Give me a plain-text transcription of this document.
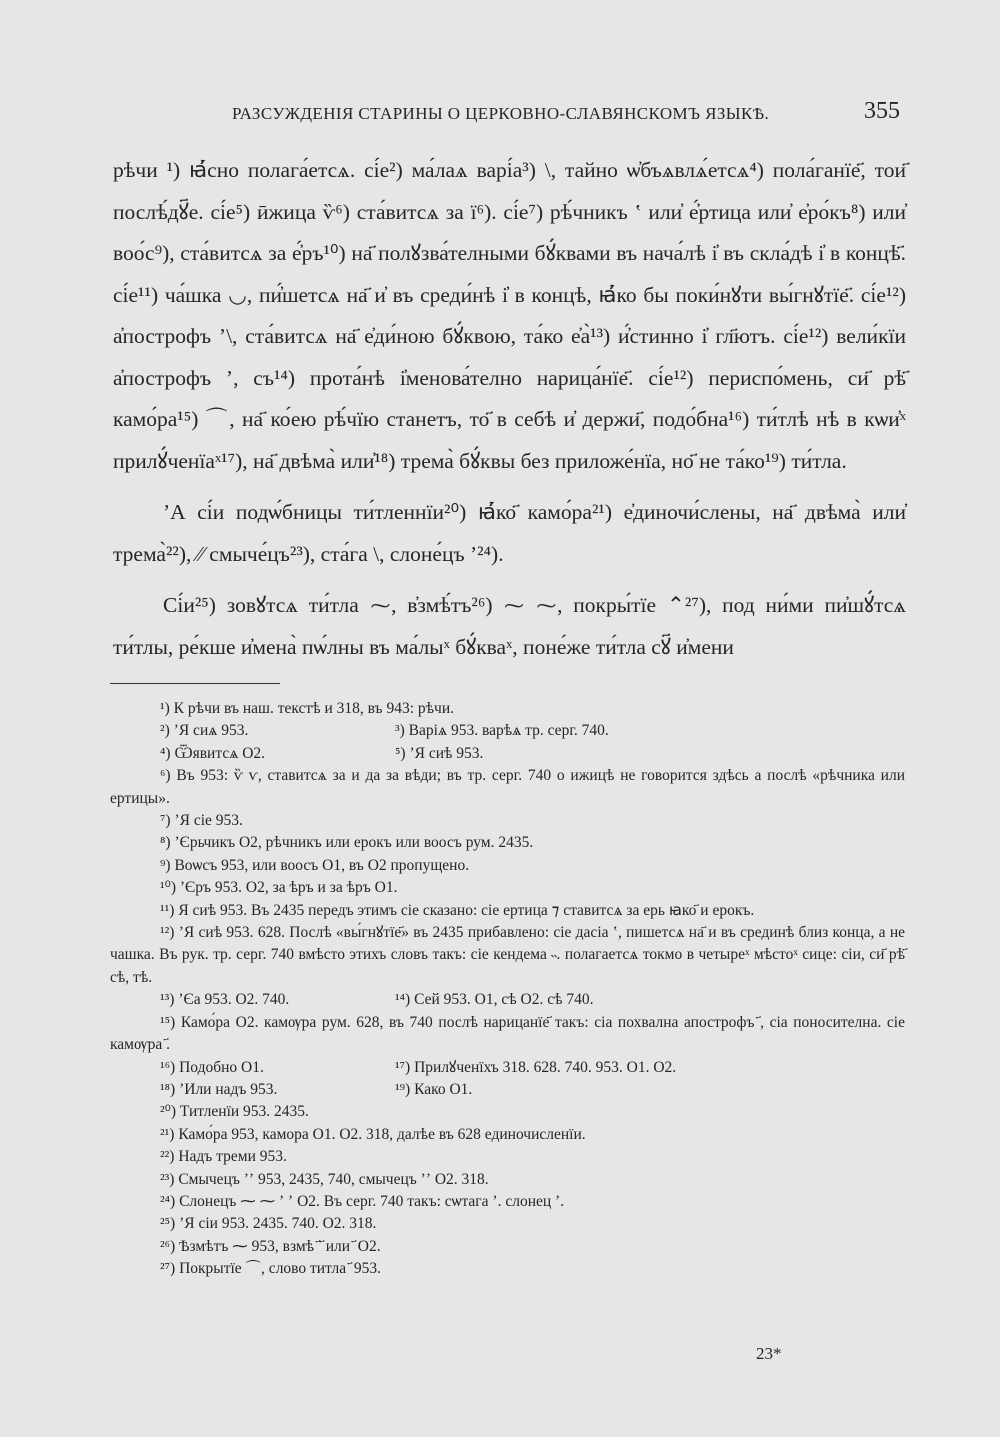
РАЗСУЖДЕНІЯ СТАРИНЫ О ЦЕРКОВНО-СЛАВЯНСКОМЪ ЯЗЫКѢ.	355

рѣчи ¹) ꙗ҆́сно полага́етсѧ. сі́е²) ма́лаѧ варі́а³) \, тайно ѡ҆бъѧвлѧ́етсѧ⁴) пола́ганїе҃, тои҃ послѣ́дꙋ҃е. сі́е⁵) ӣжица ѷ⁶) ста́витсѧ за ї⁶). сі́е⁷) рѣ́чникъ ʽ или҆ е҆́ртица или҆ е҆ро́къ⁸) или҆ воо́с⁹), ста́витсѧ за е҆́ръ¹⁰) на҃ полꙋзва́телными бꙋ́квами въ нача́лѣ і҆ въ скла́дѣ і҆ в концѣ҃. сі́е¹¹) ча́шка ◡, пи҆́шетсѧ на҃ и҆ въ среди́нѣ і҆ в концѣ, ꙗ҆́ко бы поки́нꙋти вы́гнꙋтїе҃. сі́е¹²) а҆построфъ ʼ\, ста́витсѧ на҃ е҆ди́ною бꙋ́квою, та́ко е҆а̀¹³) и҆́стинно і҆ гл҃ютъ. сі́е¹²) вели́кїи а҆построфъ ʼ, съ¹⁴) прота́нѣ і҆менова́телно нарица́нїе҃. сі́е¹²) периспо́мень, си҃ рѣ҃ камо́ра¹⁵) ⌒, на҃ ко́ею рѣ́чїю станетъ, то҃ в себѣ и҆ держи҃, подо́бна¹⁶) ти́тлѣ нѣ в кѡи҆ˣ прилꙋ́ченїаˣ¹⁷), на҃ двѣма̀ или҆¹⁸) трема̀ бꙋ́квы без приложе́нїа, но҃ не та́ко¹⁹) ти́тла.

ʼА сі́и подѡ́бницы ти́тленнїи²⁰) ꙗ҆́ко҃ камо́ра²¹) е҆диночи́слены, на҃ двѣма̀ или҆ трема̀²²), ⁄⁄ смыче́цъ²³), ста́га \, слоне́цъ ʼ²⁴).

Сі́и²⁵) зовꙋтсѧ ти́тла ⁓, в҆змѣ́тъ²⁶) ⁓ ⁓, покры́тїе ⌃²⁷), под ни́ми пи҆шꙋ́тсѧ ти́тлы, ре́кше и҆мена̀ пѡ́лны въ ма́лыˣ бꙋ́кваˣ, поне́же ти́тла сꙋ҃ и҆мени

¹) К рѣчи въ наш. текстѣ и 318, въ 943: рѣчи.
²) ʼЯ сиѧ 953.	³) Варіѧ 953. варѣѧ тр. серг. 740.
⁴) Ѿявитсѧ О2.	⁵) ʼЯ сиѣ 953.
⁶) Въ 953: ѷ ѵ, ставитсѧ за и да за вѣди; въ тр. серг. 740 о ижицѣ не говорится здѣсь а послѣ «рѣчника или ертицы».
⁷) ʼЯ сіе 953.
⁸) ʼЄрьчикъ О2, рѣчникъ или ерокъ или воосъ рум. 2435.
⁹) Воѡсъ 953, или воосъ О1, въ О2 пропущено.
¹⁰) ʼЄръ 953. О2, за ѣръ и за ѣръ О1.
¹¹) Я сиѣ 953. Въ 2435 передъ этимъ сіе сказано: сіе ертица ⁊ ставитсѧ за ерь ꙗко҃ и ерокъ.
¹²) ʼЯ сиѣ 953. 628. Послѣ «вы́гнꙋтїе҃» въ 2435 прибавлено: сіе дасіа ʽ, пишетсѧ на҃ и въ срединѣ близ конца, а не чашка. Въ рук. тр. серг. 740 вмѣсто этихъ словъ такъ: сіе кендема ˵. полагаетсѧ токмо в четыреˣ мѣстоˣ сице: сіи, си҃ рѣ҃ сѣ, тѣ.
¹³) ʼЄа 953. О2. 740.	¹⁴) Сей 953. О1, сѣ О2. сѣ 740.
¹⁵) Камо́ра О2. камѹра рум. 628, въ 740 послѣ нарицанїе҃ такъ: сіа похвална апострофъ ҃, сіа поносителна. сіе камѹра ҃.
¹⁶) Подобно О1.	¹⁷) Прилꙋченїхъ 318. 628. 740. 953. О1. О2.
¹⁸) ʼИли надъ 953.	¹⁹) Како О1.
²⁰) Титленїи 953. 2435.
²¹) Камо́ра 953, камора О1. О2. 318, далѣе въ 628 единочисленїи.
²²) Надъ треми 953.
²³) Смычецъ ʼʼ 953, 2435, 740, смычецъ ʼʼ О2. 318.
²⁴) Слонецъ ⁓ ⁓ ʼ ʼ О2. Въ серг. 740 такъ: сѡтага ʼ. слонец ʼ.
²⁵) ʼЯ сіи 953. 2435. 740. О2. 318.
²⁶) Ѣзмѣтъ ⁓ 953, взмѣ ҃ ҃ или ҃ О2.
²⁷) Покрытїе ⌒, слово титла ҃ 953.
23*
